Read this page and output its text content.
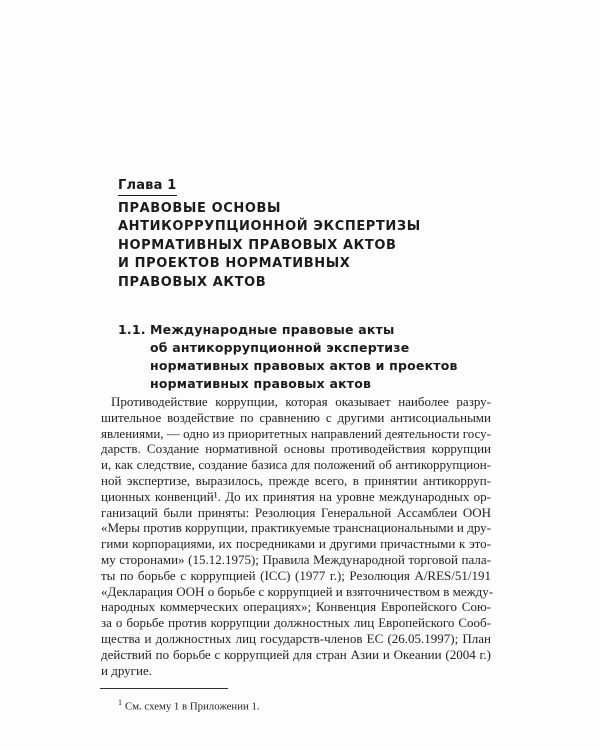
Глава 1
ПРАВОВЫЕ ОСНОВЫ
АНТИКОРРУПЦИОННОЙ ЭКСПЕРТИЗЫ
НОРМАТИВНЫХ ПРАВОВЫХ АКТОВ
И ПРОЕКТОВ НОРМАТИВНЫХ
ПРАВОВЫХ АКТОВ
1.1. Международные правовые акты
об антикоррупционной экспертизе
нормативных правовых актов и проектов
нормативных правовых актов
Противодействие коррупции, которая оказывает наиболее разру-
шительное воздействие по сравнению с другими антисоциальными
явлениями, — одно из приоритетных направлений деятельности госу-
дарств. Создание нормативной основы противодействия коррупции
и, как следствие, создание базиса для положений об антикоррупцион-
ной экспертизе, выразилось, прежде всего, в принятии антикорруп-
ционных конвенций¹. До их принятия на уровне международных ор-
ганизаций были приняты: Резолюция Генеральной Ассамблеи ООН
«Меры против коррупции, практикуемые транснациональными и дру-
гими корпорациями, их посредниками и другими причастными к это-
му сторонами» (15.12.1975); Правила Международной торговой пала-
ты по борьбе с коррупцией (ICC) (1977 г.); Резолюция A/RES/51/191
«Декларация ООН о борьбе с коррупцией и взяточничеством в между-
народных коммерческих операциях»; Конвенция Европейского Сою-
за о борьбе против коррупции должностных лиц Европейского Сооб-
щества и должностных лиц государств-членов ЕС (26.05.1997); План
действий по борьбе с коррупцией для стран Азии и Океании (2004 г.)
и другие.
$^1$ См. схему 1 в Приложении 1.
